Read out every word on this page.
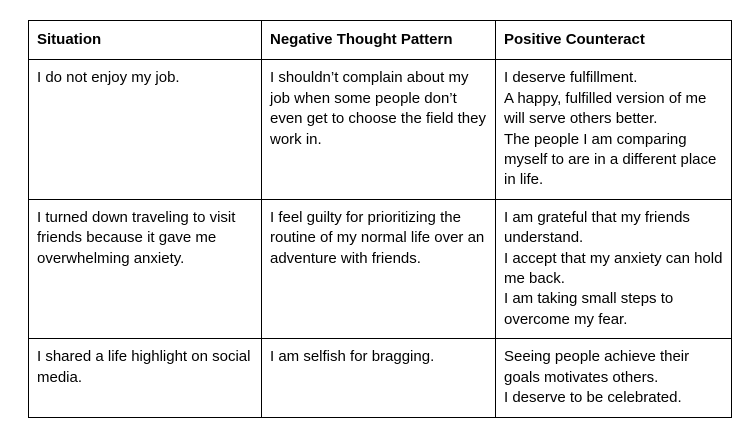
Situation	Negative Thought Pattern	Positive Counteract
I do not enjoy my job.	I shouldn’t complain about my job when some people don’t even get to choose the field they work in.	I deserve fulfillment.
A happy, fulfilled version of me will serve others better.
The people I am comparing myself to are in a different place in life.

I turned down traveling to visit friends because it gave me overwhelming anxiety.	I feel guilty for prioritizing the routine of my normal life over an adventure with friends.	I am grateful that my friends understand.
I accept that my anxiety can hold me back.
I am taking small steps to overcome my fear.

I shared a life highlight on social media.	I am selfish for bragging.	Seeing people achieve their goals motivates others.
I deserve to be celebrated.
